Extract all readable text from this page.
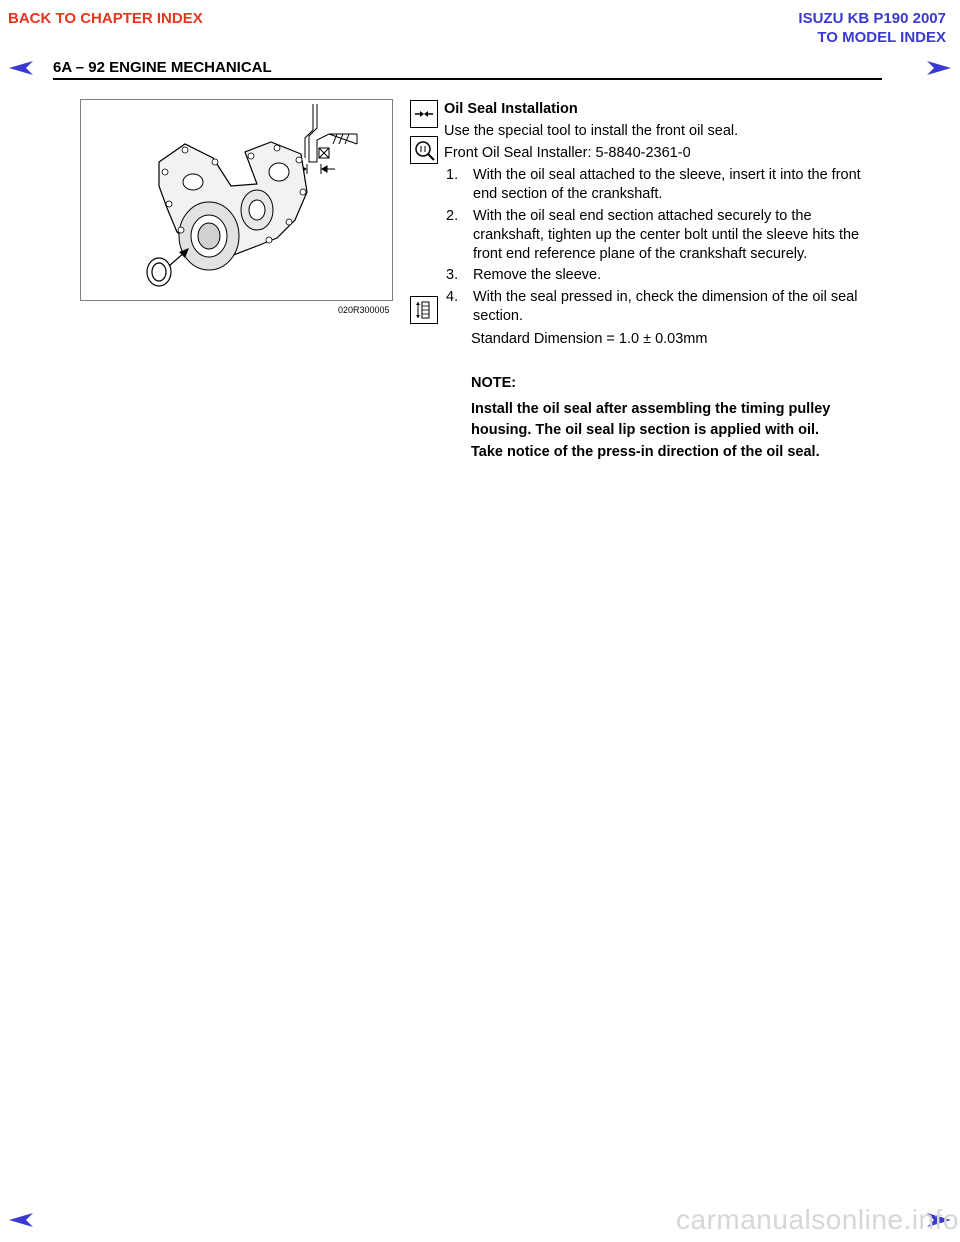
BACK TO CHAPTER INDEX	ISUZU KB P190 2007
TO MODEL INDEX
6A – 92 ENGINE MECHANICAL
020R300005
Oil Seal Installation
Use the special tool to install the front oil seal.
Front Oil Seal Installer: 5-8840-2361-0
1. With the oil seal attached to the sleeve, insert it into the front end section of the crankshaft.
2. With the oil seal end section attached securely to the crankshaft, tighten up the center bolt until the sleeve hits the front end reference plane of the crankshaft securely.
3. Remove the sleeve.
4. With the seal pressed in, check the dimension of the oil seal section.
Standard Dimension = 1.0 ± 0.03mm
NOTE:
Install the oil seal after assembling the timing pulley housing. The oil seal lip section is applied with oil.
Take notice of the press-in direction of the oil seal.
carmanualsonline.info
